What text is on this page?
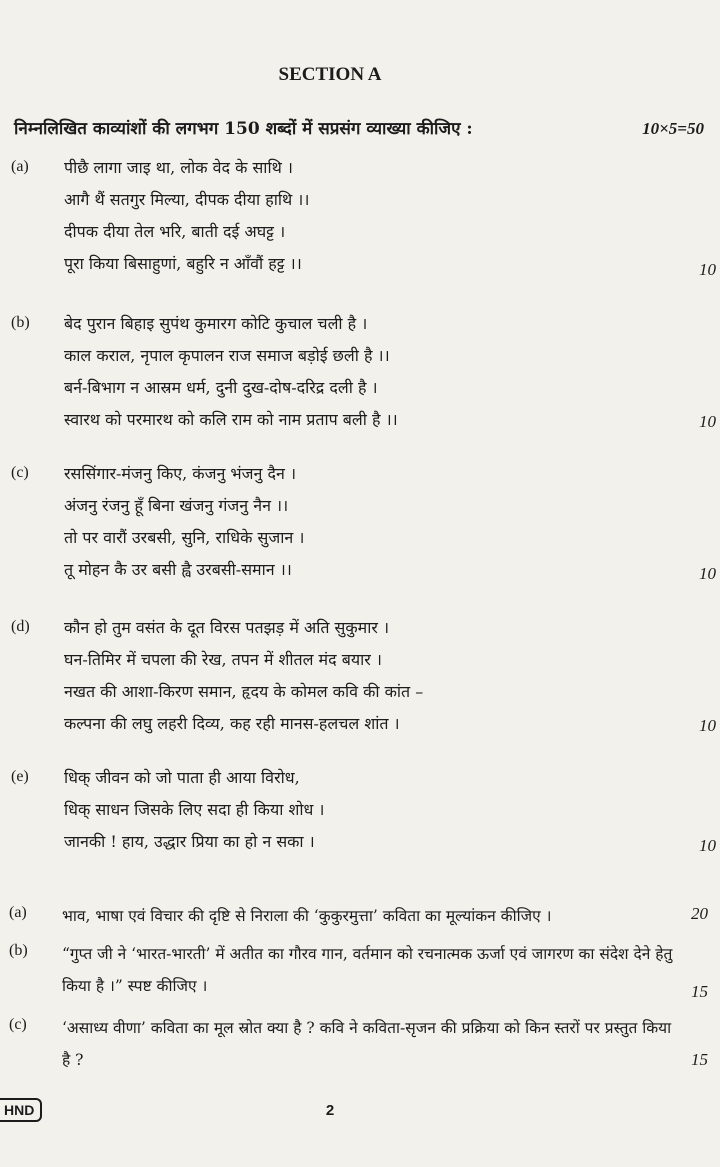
SECTION A
निम्नलिखित काव्यांशों की लगभग 150 शब्दों में सप्रसंग व्याख्या कीजिए :	10×5=50
(a) पीछै लागा जाइ था, लोक वेद के साथि ।
आगै थैं सतगुर मिल्या, दीपक दीया हाथि ।।
दीपक दीया तेल भरि, बाती दई अघट्ट ।
पूरा किया बिसाहुणां, बहुरि न आँवौं हट्ट ।।	10
(b) बेद पुरान बिहाइ सुपंथ कुमारग कोटि कुचाल चली है ।
काल कराल, नृपाल कृपालन राज समाज बड़ोई छली है ।।
बर्न-बिभाग न आस्रम धर्म, दुनी दुख-दोष-दरिद्र दली है ।
स्वारथ को परमारथ को कलि राम को नाम प्रताप बली है ।।	10
(c) रससिंगार-मंजनु किए, कंजनु भंजनु दैन ।
अंजनु रंजनु हूँ बिना खंजनु गंजनु नैन ।।
तो पर वारौं उरबसी, सुनि, राधिके सुजान ।
तू मोहन कै उर बसी ह्वै उरबसी-समान ।।	10
(d) कौन हो तुम वसंत के दूत विरस पतझड़ में अति सुकुमार ।
घन-तिमिर में चपला की रेख, तपन में शीतल मंद बयार ।
नखत की आशा-किरण समान, हृदय के कोमल कवि की कांत –
कल्पना की लघु लहरी दिव्य, कह रही मानस-हलचल शांत ।	10
(e) धिक् जीवन को जो पाता ही आया विरोध,
धिक् साधन जिसके लिए सदा ही किया शोध ।
जानकी ! हाय, उद्धार प्रिया का हो न सका ।	10
(a) भाव, भाषा एवं विचार की दृष्टि से निराला की ‘कुकुरमुत्ता’ कविता का मूल्यांकन कीजिए ।	20
(b) “गुप्त जी ने ‘भारत-भारती’ में अतीत का गौरव गान, वर्तमान को रचनात्मक ऊर्जा एवं जागरण का संदेश देने हेतु किया है ।” स्पष्ट कीजिए ।	15
(c) ‘असाध्य वीणा’ कविता का मूल स्रोत क्या है ? कवि ने कविता-सृजन की प्रक्रिया को किन स्तरों पर प्रस्तुत किया है ?	15
HND	2
